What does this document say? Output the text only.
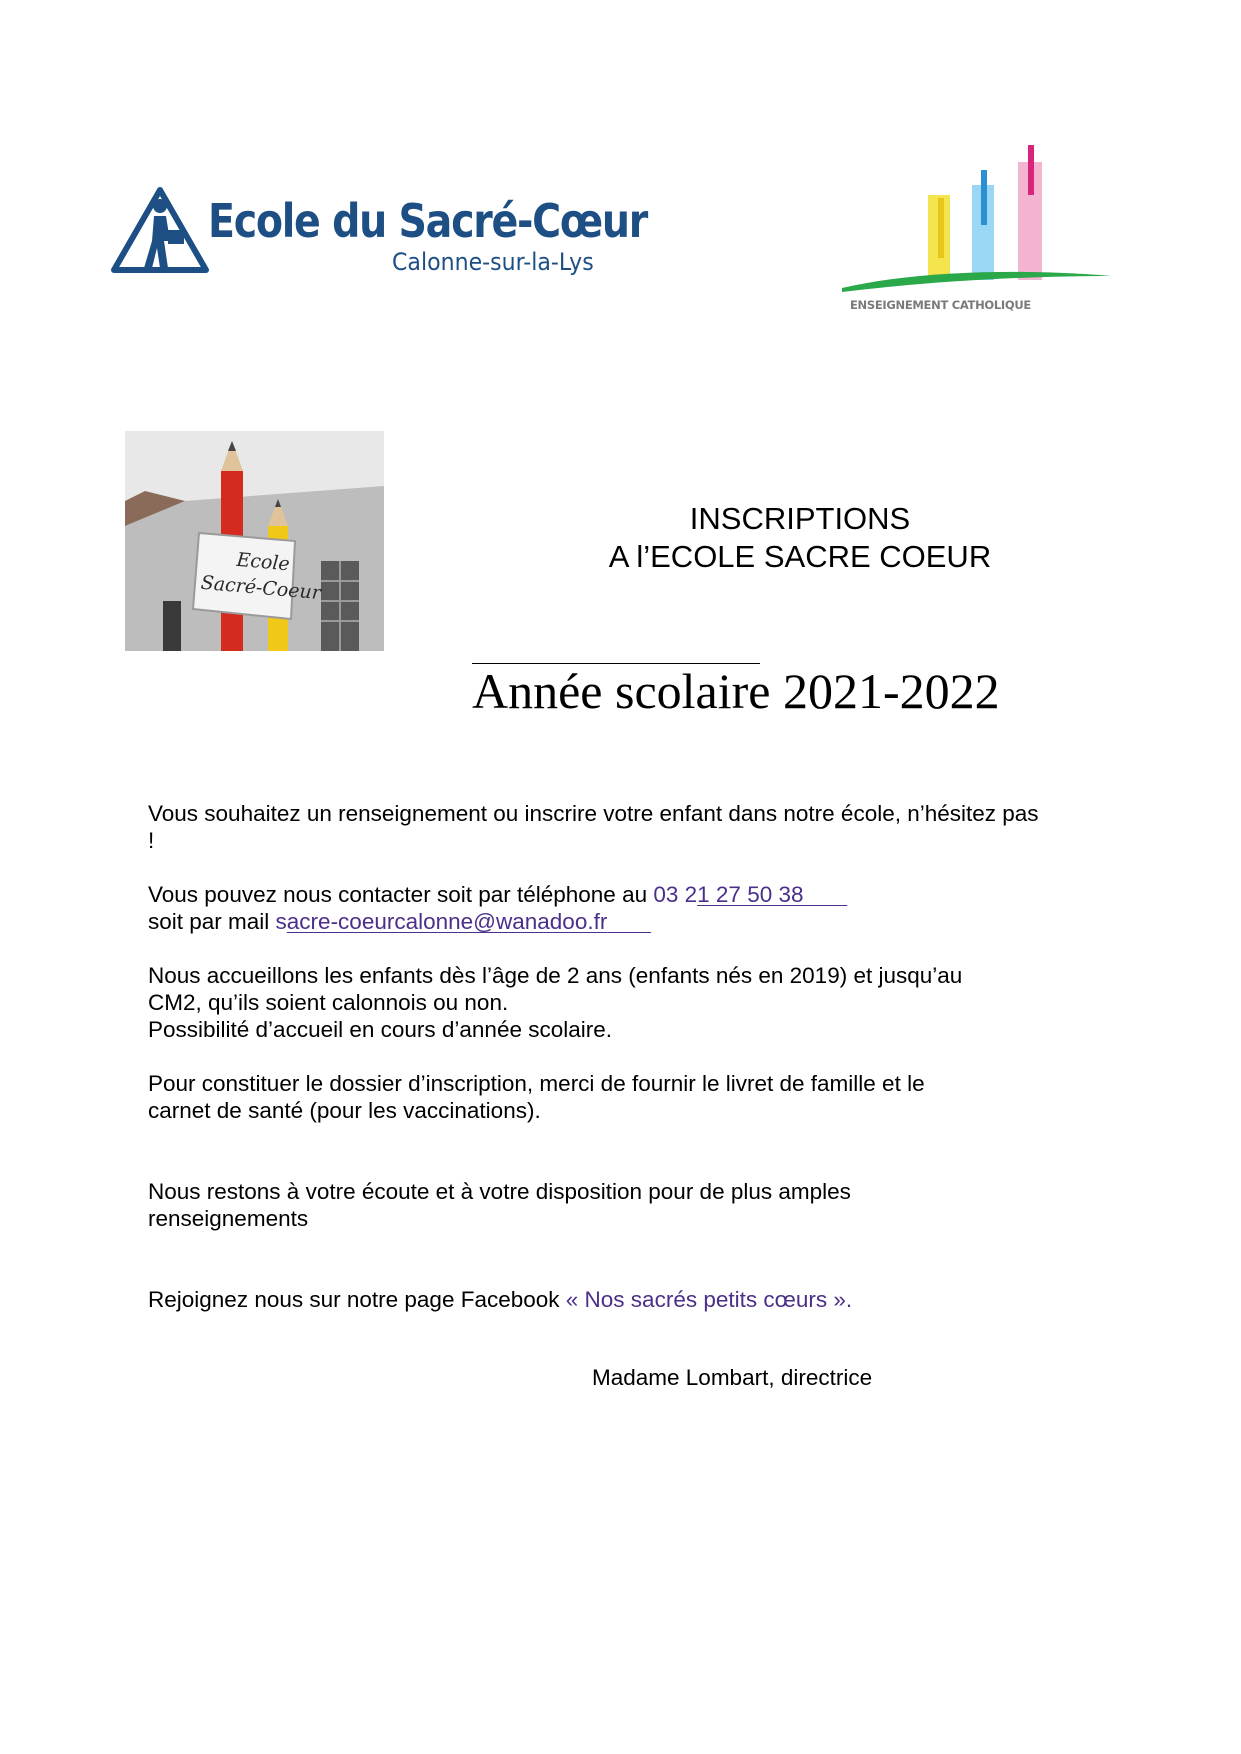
Ecole du Sacré-Cœur
Calonne-sur-la-Lys
ENSEIGNEMENT CATHOLIQUE
Ecole
Sacré-Coeur
INSCRIPTIONS
A l’ECOLE SACRE COEUR
Année scolaire 2021-2022

Vous souhaitez un renseignement ou inscrire votre enfant dans notre école, n’hésitez pas !

Vous pouvez nous contacter soit par téléphone au 03 21 27 50 38

soit par mail sacre-coeurcalonne@wanadoo.fr

Nous accueillons les enfants dès l’âge de 2 ans (enfants nés en 2019) et jusqu’au CM2, qu’ils soient calonnois ou non.

Possibilité d’accueil en cours d’année scolaire.

Pour constituer le dossier d’inscription, merci de fournir le livret de famille et le carnet de santé (pour les vaccinations).

Nous restons à votre écoute et à votre disposition pour de plus amples renseignements

Rejoignez nous sur notre page Facebook « Nos sacrés petits cœurs ».

Madame Lombart, directrice
